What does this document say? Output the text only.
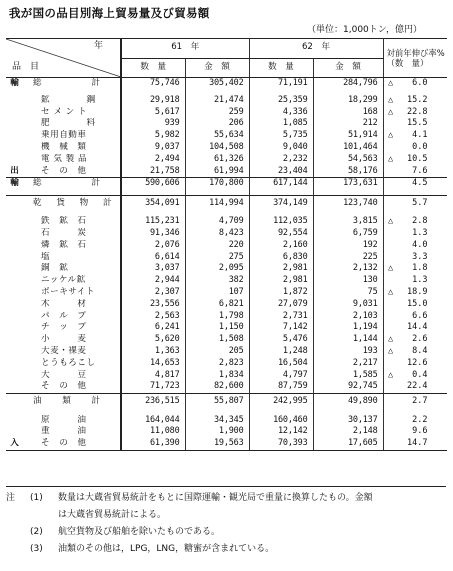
我が国の品目別海上貿易量及び貿易額
（単位：1,000トン，億円）
年
品　目		61　年		62　年		対前年伸び率%（数　量）
		数　量	金　額	数　量	金　額	
輸	総　　　計	75,746	305,402	71,191	284,796	△ 6.0

	鉱　　　　鋼	29,918	21,474	25,359	18,299	△ 15.2
	セ メ ン ト	5,617	259	4,336	168	△ 22.8
	肥　　　　料	939	206	1,085	212	15.5
	乗用自動車	5,982	55,634	5,735	51,914	△ 4.1
	機　械　類	9,037	104,508	9,040	101,464	0.0
	電 気 製 品	2,494	61,326	2,232	54,563	△ 10.5
出	そ　の　他	21,758	61,994	23,404	58,176	7.6
輸	総　　　計	590,606	170,800	617,144	173,631	4.5

	乾 貨 物 計	354,091	114,994	374,149	123,740	5.7

	鉄　鉱　石	115,231	4,709	112,035	3,815	△ 2.8
	石　　　炭	91,346	8,423	92,554	6,759	1.3
	燐　鉱　石	2,076	220	2,160	192	4.0
	塩	6,614	275	6,830	225	3.3
	銅　鉱	3,037	2,095	2,981	2,132	△ 1.8
	ニッケル鉱	2,944	382	2,981	130	1.3
	ボーキサイト	2,307	107	1,872	75	△ 18.9
	木　　　材	23,556	6,821	27,079	9,031	15.0
	パ　ル　プ	2,563	1,798	2,731	2,103	6.6
	チ　ッ　プ	6,241	1,150	7,142	1,194	14.4
	小　　　麦	5,620	1,508	5,476	1,144	△ 2.6
	大麦・裸麦	1,363	205	1,248	193	△ 8.4
	とうもろこし	14,653	2,823	16,504	2,217	12.6
	大　　　豆	4,817	1,834	4,797	1,585	△ 0.4
	そ　の　他	71,723	82,600	87,759	92,745	22.4
	油　類　計	236,515	55,807	242,995	49,890	2.7

	原　　　油	164,044	34,345	160,460	30,137	2.2
	重　　　油	11,080	1,900	12,142	2,148	9.6
入	そ　の　他	61,390	19,563	70,393	17,605	14.7
注	(1)	数量は大蔵省貿易統計をもとに国際運輸・観光局で重量に換算したもの。金額
は大蔵省貿易統計による。
(2)	航空貨物及び船舶を除いたものである。
(3)	油類のその他は，LPG，LNG，糖蜜が含まれている。
